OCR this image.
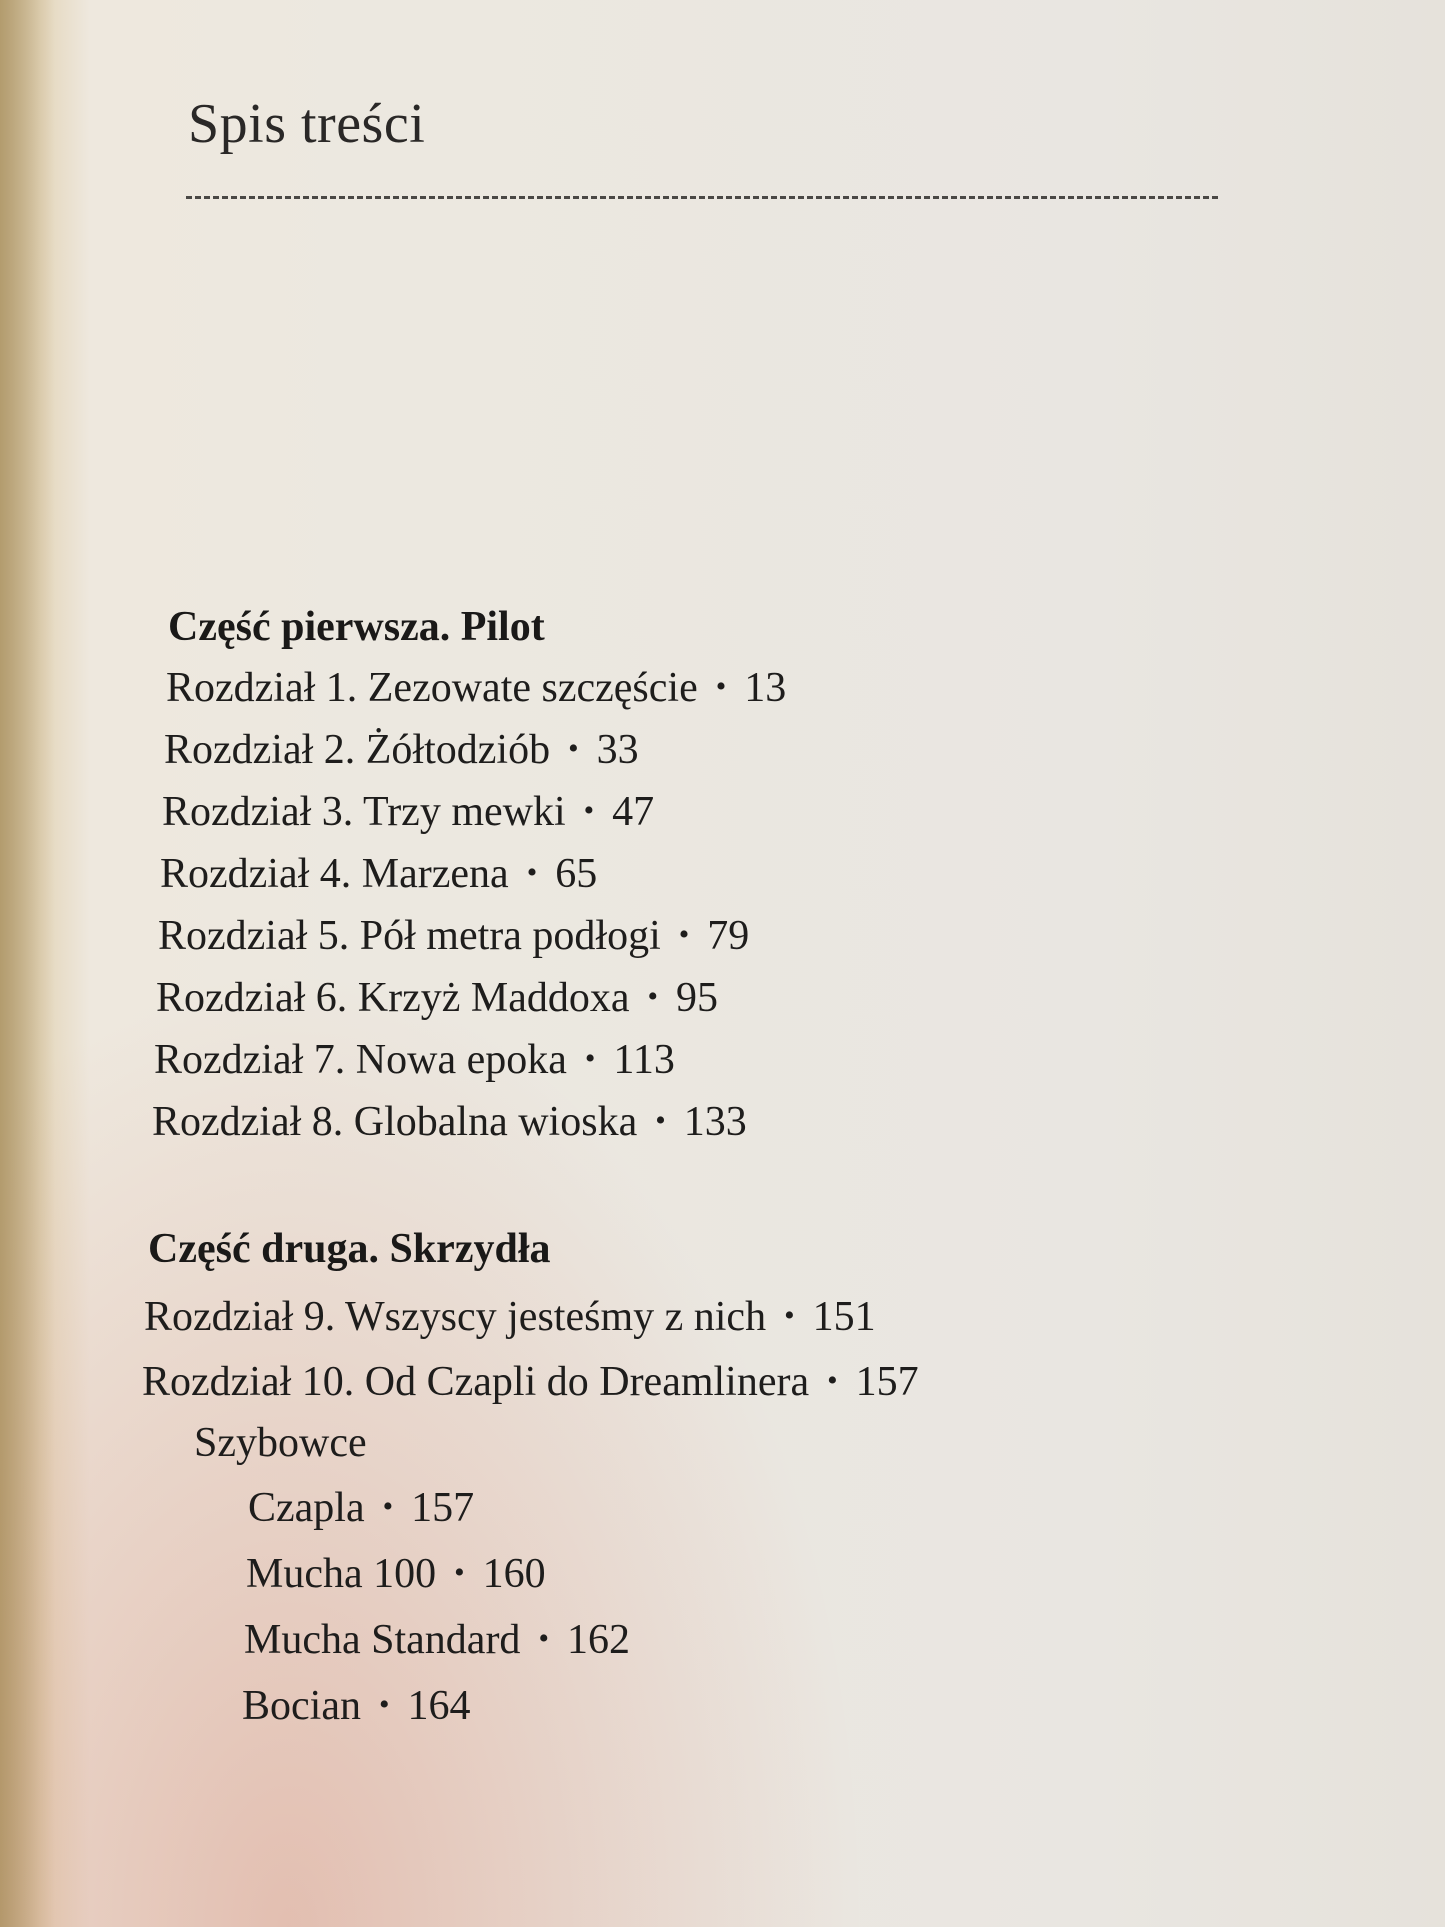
Spis treści
Część pierwsza. Pilot
Rozdział 1. Zezowate szczęście • 13
Rozdział 2. Żółtodziób • 33
Rozdział 3. Trzy mewki • 47
Rozdział 4. Marzena • 65
Rozdział 5. Pół metra podłogi • 79
Rozdział 6. Krzyż Maddoxa • 95
Rozdział 7. Nowa epoka • 113
Rozdział 8. Globalna wioska • 133
Część druga. Skrzydła
Rozdział 9. Wszyscy jesteśmy z nich • 151
Rozdział 10. Od Czapli do Dreamlinera • 157
Szybowce
Czapla • 157
Mucha 100 • 160
Mucha Standard • 162
Bocian • 164
